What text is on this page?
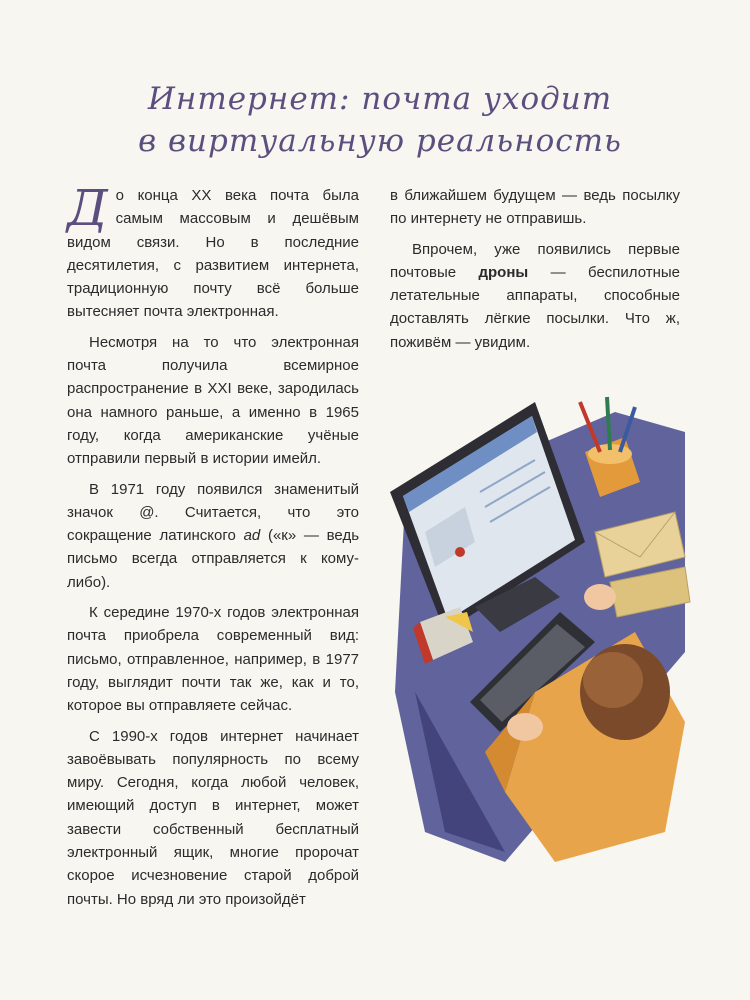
Интернет: почта уходит
в виртуальную реальность

До конца XX века почта была самым массовым и дешёвым видом связи. Но в последние десятилетия, с развитием интернета, традиционную почту всё больше вытесняет почта электронная.

Несмотря на то что электронная почта получила всемирное распространение в XXI веке, зародилась она намного раньше, а именно в 1965 году, когда американские учёные отправили первый в истории имейл.

В 1971 году появился знаменитый значок @. Считается, что это сокращение латинского ad («к» — ведь письмо всегда отправляется к кому-либо).

К середине 1970-х годов электронная почта приобрела современный вид: письмо, отправленное, например, в 1977 году, выглядит почти так же, как и то, которое вы отправляете сейчас.

С 1990-х годов интернет начинает завоёвывать популярность по всему миру. Сегодня, когда любой человек, имеющий доступ в интернет, может завести собственный бесплатный электронный ящик, многие пророчат скорое исчезновение старой доброй почты. Но вряд ли это произойдёт

в ближайшем будущем — ведь посылку по интернету не отправишь.

Впрочем, уже появились первые почтовые дроны — беспилотные летательные аппараты, способные доставлять лёгкие посылки. Что ж, поживём — увидим.
